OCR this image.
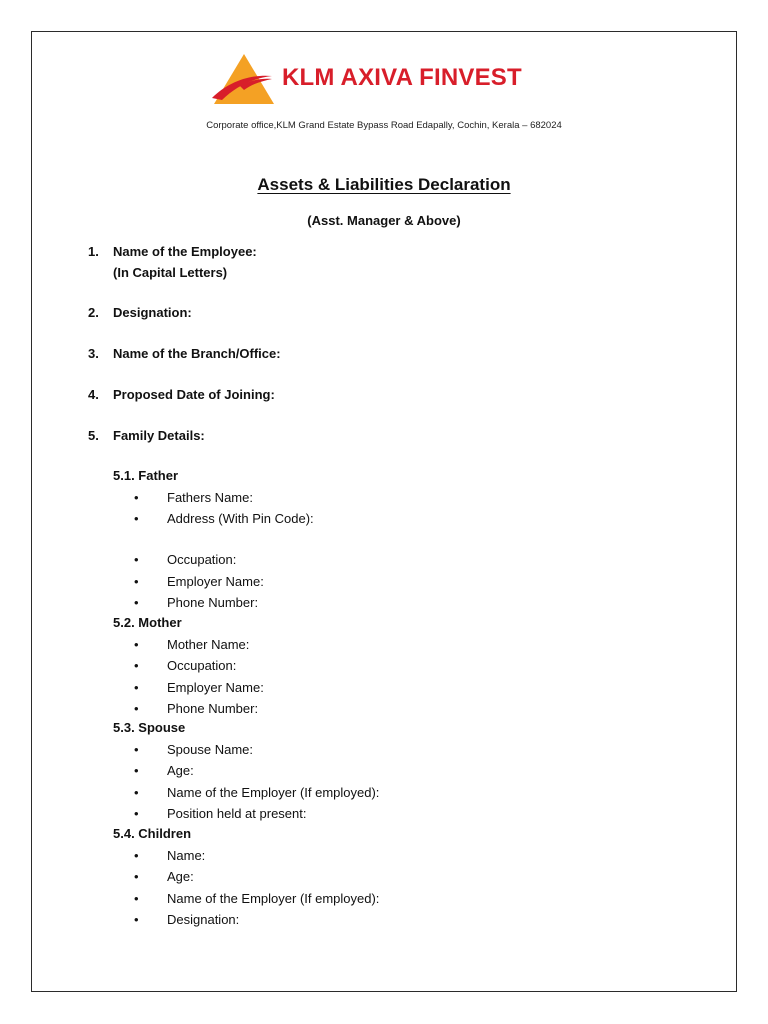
KLM AXIVA FINVEST
Corporate office,KLM Grand Estate Bypass Road Edapally, Cochin, Kerala – 682024
Assets & Liabilities Declaration
(Asst. Manager & Above)
1. Name of the Employee:
(In Capital Letters)
2. Designation:
3. Name of the Branch/Office:
4. Proposed Date of Joining:
5. Family Details:
5.1. Father
• Fathers Name:
• Address (With Pin Code):
• Occupation:
• Employer Name:
• Phone Number:
5.2. Mother
• Mother Name:
• Occupation:
• Employer Name:
• Phone Number:
5.3. Spouse
• Spouse Name:
• Age:
• Name of the Employer (If employed):
• Position held at present:
5.4. Children
• Name:
• Age:
• Name of the Employer (If employed):
• Designation:
